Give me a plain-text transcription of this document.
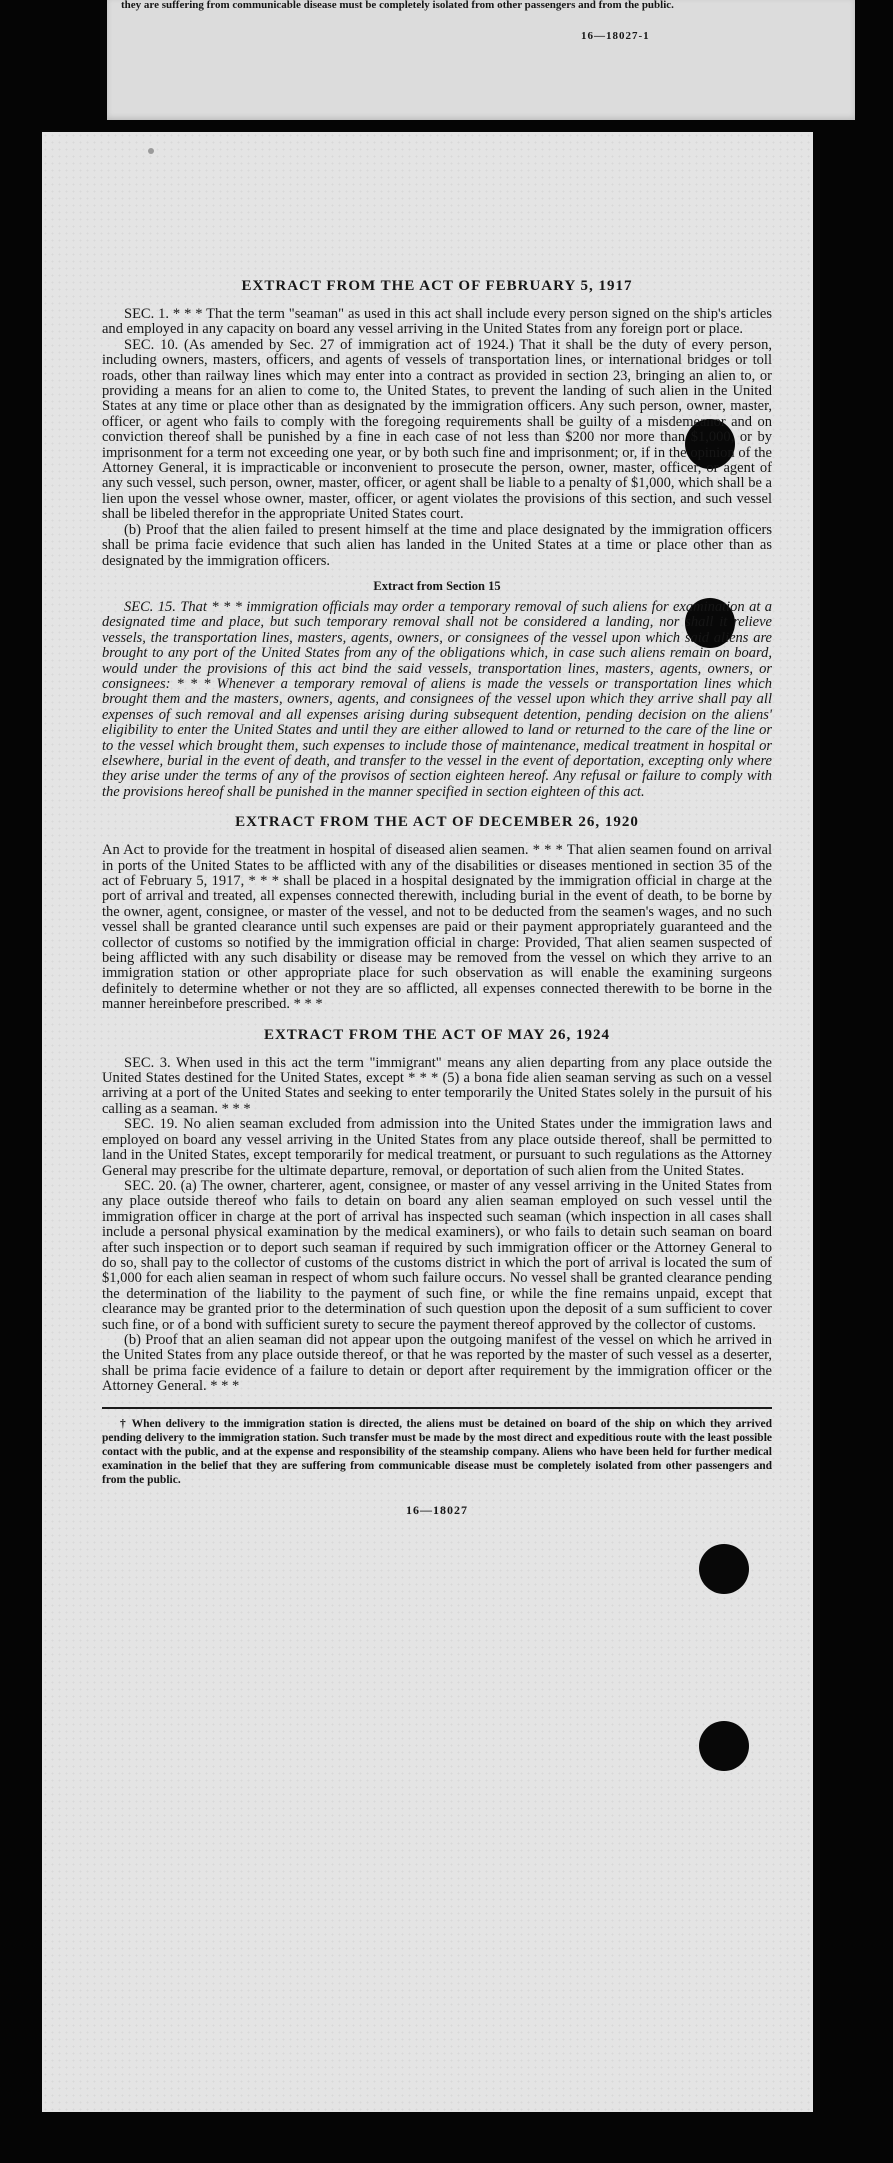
they are suffering from communicable disease must be completely isolated from other passengers and from the public.
16—18027-1
EXTRACT FROM THE ACT OF FEBRUARY 5, 1917

SEC. 1. * * * That the term "seaman" as used in this act shall include every person signed on the ship's articles and employed in any capacity on board any vessel arriving in the United States from any foreign port or place.

SEC. 10. (As amended by Sec. 27 of immigration act of 1924.) That it shall be the duty of every person, including owners, masters, officers, and agents of vessels of transportation lines, or international bridges or toll roads, other than railway lines which may enter into a contract as provided in section 23, bringing an alien to, or providing a means for an alien to come to, the United States, to prevent the landing of such alien in the United States at any time or place other than as designated by the immigration officers. Any such person, owner, master, officer, or agent who fails to comply with the foregoing requirements shall be guilty of a misdemeanor and on conviction thereof shall be punished by a fine in each case of not less than $200 nor more than $1,000, or by imprisonment for a term not exceeding one year, or by both such fine and imprisonment; or, if in the opinion of the Attorney General, it is impracticable or inconvenient to prosecute the person, owner, master, officer, or agent of any such vessel, such person, owner, master, officer, or agent shall be liable to a penalty of $1,000, which shall be a lien upon the vessel whose owner, master, officer, or agent violates the provisions of this section, and such vessel shall be libeled therefor in the appropriate United States court.

(b) Proof that the alien failed to present himself at the time and place designated by the immigration officers shall be prima facie evidence that such alien has landed in the United States at a time or place other than as designated by the immigration officers.

Extract from Section 15

SEC. 15. That * * * immigration officials may order a temporary removal of such aliens for examination at a designated time and place, but such temporary removal shall not be considered a landing, nor shall it relieve vessels, the transportation lines, masters, agents, owners, or consignees of the vessel upon which said aliens are brought to any port of the United States from any of the obligations which, in case such aliens remain on board, would under the provisions of this act bind the said vessels, transportation lines, masters, agents, owners, or consignees: * * * Whenever a temporary removal of aliens is made the vessels or transportation lines which brought them and the masters, owners, agents, and consignees of the vessel upon which they arrive shall pay all expenses of such removal and all expenses arising during subsequent detention, pending decision on the aliens' eligibility to enter the United States and until they are either allowed to land or returned to the care of the line or to the vessel which brought them, such expenses to include those of maintenance, medical treatment in hospital or elsewhere, burial in the event of death, and transfer to the vessel in the event of deportation, excepting only where they arise under the terms of any of the provisos of section eighteen hereof. Any refusal or failure to comply with the provisions hereof shall be punished in the manner specified in section eighteen of this act.

EXTRACT FROM THE ACT OF DECEMBER 26, 1920

An Act to provide for the treatment in hospital of diseased alien seamen. * * * That alien seamen found on arrival in ports of the United States to be afflicted with any of the disabilities or diseases mentioned in section 35 of the act of February 5, 1917, * * * shall be placed in a hospital designated by the immigration official in charge at the port of arrival and treated, all expenses connected therewith, including burial in the event of death, to be borne by the owner, agent, consignee, or master of the vessel, and not to be deducted from the seamen's wages, and no such vessel shall be granted clearance until such expenses are paid or their payment appropriately guaranteed and the collector of customs so notified by the immigration official in charge: Provided, That alien seamen suspected of being afflicted with any such disability or disease may be removed from the vessel on which they arrive to an immigration station or other appropriate place for such observation as will enable the examining surgeons definitely to determine whether or not they are so afflicted, all expenses connected therewith to be borne in the manner hereinbefore prescribed. * * *

EXTRACT FROM THE ACT OF MAY 26, 1924

SEC. 3. When used in this act the term "immigrant" means any alien departing from any place outside the United States destined for the United States, except * * * (5) a bona fide alien seaman serving as such on a vessel arriving at a port of the United States and seeking to enter temporarily the United States solely in the pursuit of his calling as a seaman. * * *

SEC. 19. No alien seaman excluded from admission into the United States under the immigration laws and employed on board any vessel arriving in the United States from any place outside thereof, shall be permitted to land in the United States, except temporarily for medical treatment, or pursuant to such regulations as the Attorney General may prescribe for the ultimate departure, removal, or deportation of such alien from the United States.

SEC. 20. (a) The owner, charterer, agent, consignee, or master of any vessel arriving in the United States from any place outside thereof who fails to detain on board any alien seaman employed on such vessel until the immigration officer in charge at the port of arrival has inspected such seaman (which inspection in all cases shall include a personal physical examination by the medical examiners), or who fails to detain such seaman on board after such inspection or to deport such seaman if required by such immigration officer or the Attorney General to do so, shall pay to the collector of customs of the customs district in which the port of arrival is located the sum of $1,000 for each alien seaman in respect of whom such failure occurs. No vessel shall be granted clearance pending the determination of the liability to the payment of such fine, or while the fine remains unpaid, except that clearance may be granted prior to the determination of such question upon the deposit of a sum sufficient to cover such fine, or of a bond with sufficient surety to secure the payment thereof approved by the collector of customs.

(b) Proof that an alien seaman did not appear upon the outgoing manifest of the vessel on which he arrived in the United States from any place outside thereof, or that he was reported by the master of such vessel as a deserter, shall be prima facie evidence of a failure to detain or deport after requirement by the immigration officer or the Attorney General. * * *

† When delivery to the immigration station is directed, the aliens must be detained on board of the ship on which they arrived pending delivery to the immigration station. Such transfer must be made by the most direct and expeditious route with the least possible contact with the public, and at the expense and responsibility of the steamship company. Aliens who have been held for further medical examination in the belief that they are suffering from communicable disease must be completely isolated from other passengers and from the public.
16—18027
